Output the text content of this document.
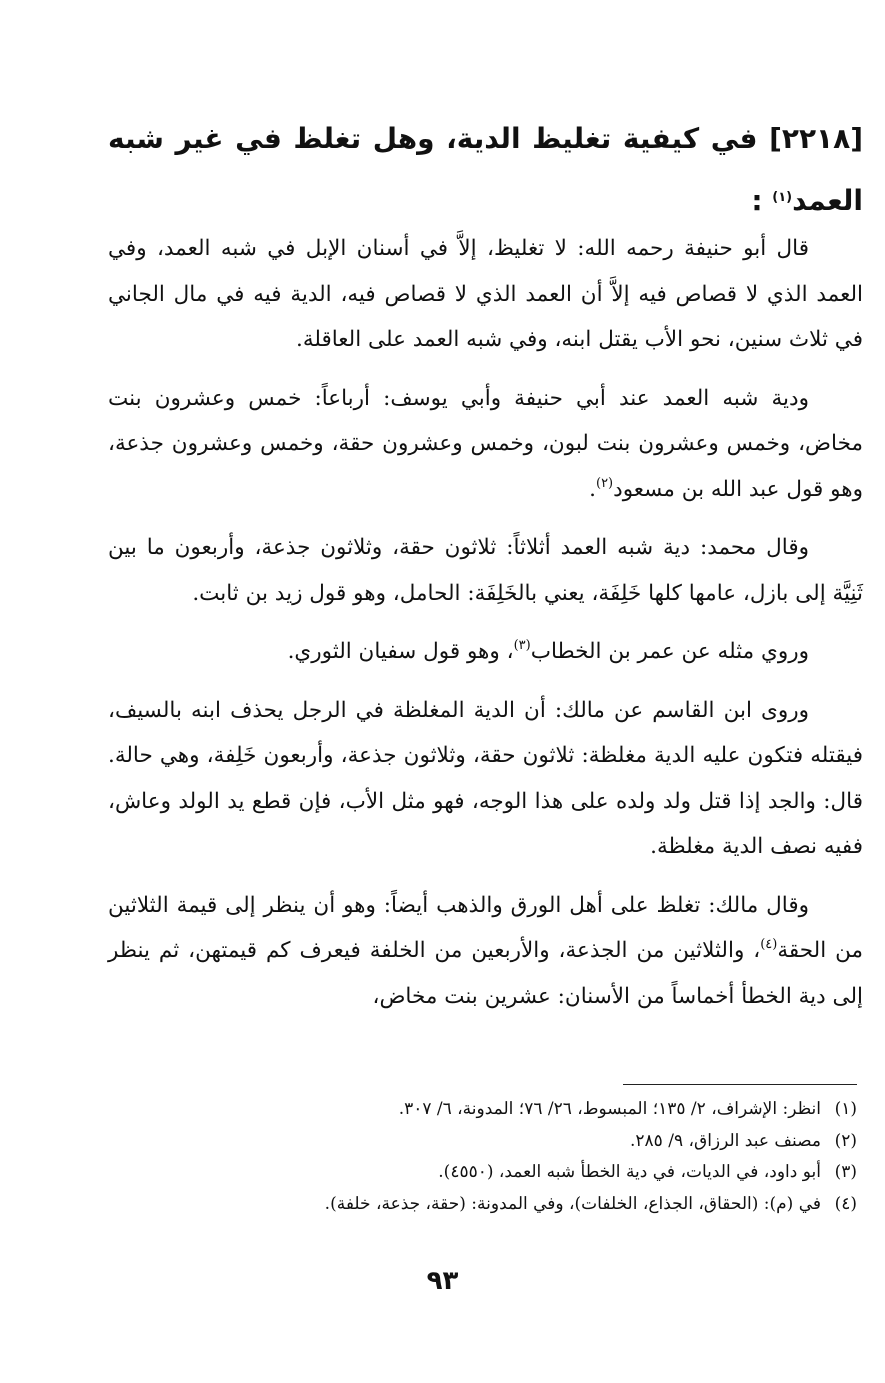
[٢٢١٨] في كيفية تغليظ الدية، وهل تغلظ في غير شبه العمد$^{(١)}$ :

قال أبو حنيفة رحمه الله: لا تغليظ، إلاَّ في أسنان الإبل في شبه العمد، وفي العمد الذي لا قصاص فيه إلاَّ أن العمد الذي لا قصاص فيه، الدية فيه في مال الجاني في ثلاث سنين، نحو الأب يقتل ابنه، وفي شبه العمد على العاقلة.

ودية شبه العمد عند أبي حنيفة وأبي يوسف: أرباعاً: خمس وعشرون بنت مخاض، وخمس وعشرون بنت لبون، وخمس وعشرون حقة، وخمس وعشرون جذعة، وهو قول عبد الله بن مسعود$^{(٢)}$.

وقال محمد: دية شبه العمد أثلاثاً: ثلاثون حقة، وثلاثون جذعة، وأربعون ما بين ثَنِيَّة إلى بازل، عامها كلها خَلِفَة، يعني بالخَلِفَة: الحامل، وهو قول زيد بن ثابت.

وروي مثله عن عمر بن الخطاب$^{(٣)}$، وهو قول سفيان الثوري.

وروى ابن القاسم عن مالك: أن الدية المغلظة في الرجل يحذف ابنه بالسيف، فيقتله فتكون عليه الدية مغلظة: ثلاثون حقة، وثلاثون جذعة، وأربعون خَلِفة، وهي حالة. قال: والجد إذا قتل ولد ولده على هذا الوجه، فهو مثل الأب، فإن قطع يد الولد وعاش، ففيه نصف الدية مغلظة.

وقال مالك: تغلظ على أهل الورق والذهب أيضاً: وهو أن ينظر إلى قيمة الثلاثين من الحقة$^{(٤)}$، والثلاثين من الجذعة، والأربعين من الخلفة فيعرف كم قيمتهن، ثم ينظر إلى دية الخطأ أخماساً من الأسنان: عشرين بنت مخاض،

(١)
انظر: الإشراف، ٢/ ١٣٥؛ المبسوط، ٢٦/ ٧٦؛ المدونة، ٦/ ٣٠٧.
(٢)
مصنف عبد الرزاق، ٩/ ٢٨٥.
(٣)
أبو داود، في الديات، في دية الخطأ شبه العمد، (٤٥٥٠).
(٤)
في (م): (الحقاق، الجذاع، الخلفات)، وفي المدونة: (حقة، جذعة، خلفة).
٩٣
